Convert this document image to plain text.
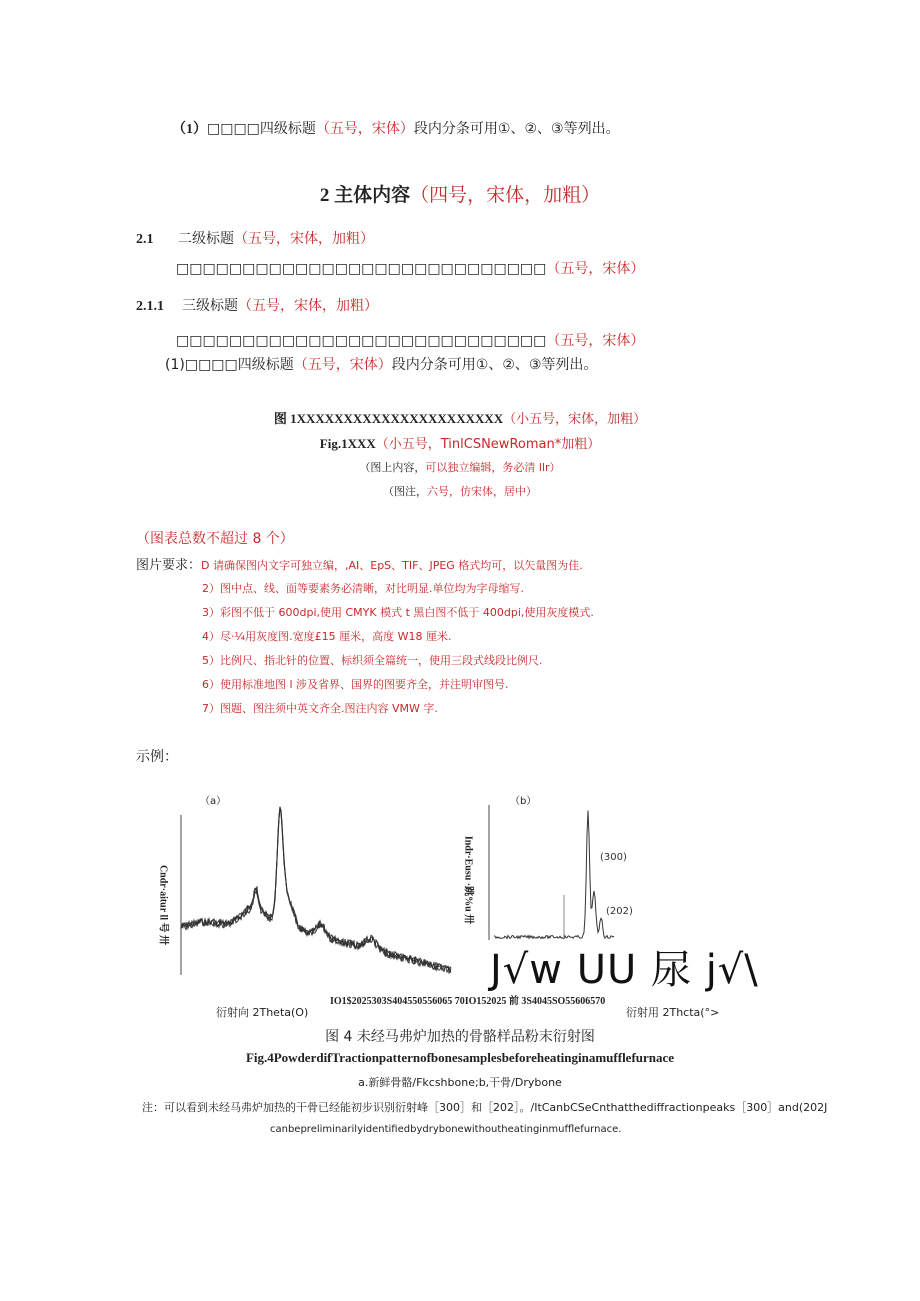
（1）□□□□四级标题（五号，宋体）段内分条可用①、②、③等列出。
2 主体内容（四号，宋体，加粗）
2.1 二级标题（五号，宋体，加粗）
□□□□□□□□□□□□□□□□□□□□□□□□□□□□（五号，宋体）
2.1.1 三级标题（五号，宋体，加粗）
□□□□□□□□□□□□□□□□□□□□□□□□□□□□（五号，宋体）
(1)□□□□四级标题（五号，宋体）段内分条可用①、②、③等列出。
图 1XXXXXXXXXXXXXXXXXXXXXX（小五号，宋体，加粗）
Fig.1XXX（小五号，TinlCSNewRoman*加粗）
（图上内容，可以独立编辑，务必清 llr）
（图注，六号，仿宋体，居中）
（图表总数不超过 8 个）
图片要求：D 请确保图内文字可独立编，,AI、EpS、TIF、JPEG 格式均可，以矢量图为佳.
2）图中点、线、面等要素务必清晰，对比明显.单位均为字母缩写.
3）彩图不低于 600dpi,使用 CMYK 模式 t 黑白图不低于 400dpi,使用灰度模式.
4）尽·¼用灰度图.宽度£15 厘米，高度 W18 厘米.
5）比例尺、指北针的位置、标织须全篇统一，使用三段式线段比例尺.
6）使用标准地图 l 涉及省界、国界的图要齐全，并注明审图号.
7）图题、图注须中英文齐全.图注内容 VMW 字.
示例：
（a）	（b）
Cndr·aitur ll 号 卅	Indr·Eusu ·跳%u 卅	(300)
(202)
J√w UU 尿 j√\
IO1$2025303S404550556065 70IO152025 前 3S4045SO55606570
衍射向 2Theta(O)	衍射用 2Thcta(°>
图 4 未经马弗炉加热的骨骼样品粉末衍射图
Fig.4PowderdifTractionpatternofbonesamplesbeforeheatinginamufflefurnace
a.新鲜骨骼/Fkcshbone;b,干骨/Drybone
注：可以看到未经马弗炉加热的干骨已经能初步识别衍射峰［300］和［202］。/ItCanbCSeCnthatthediffractionpeaks［300］and(202J
canbepreliminarilyidentifiedbydrybonewithoutheatinginmufflefurnace.
